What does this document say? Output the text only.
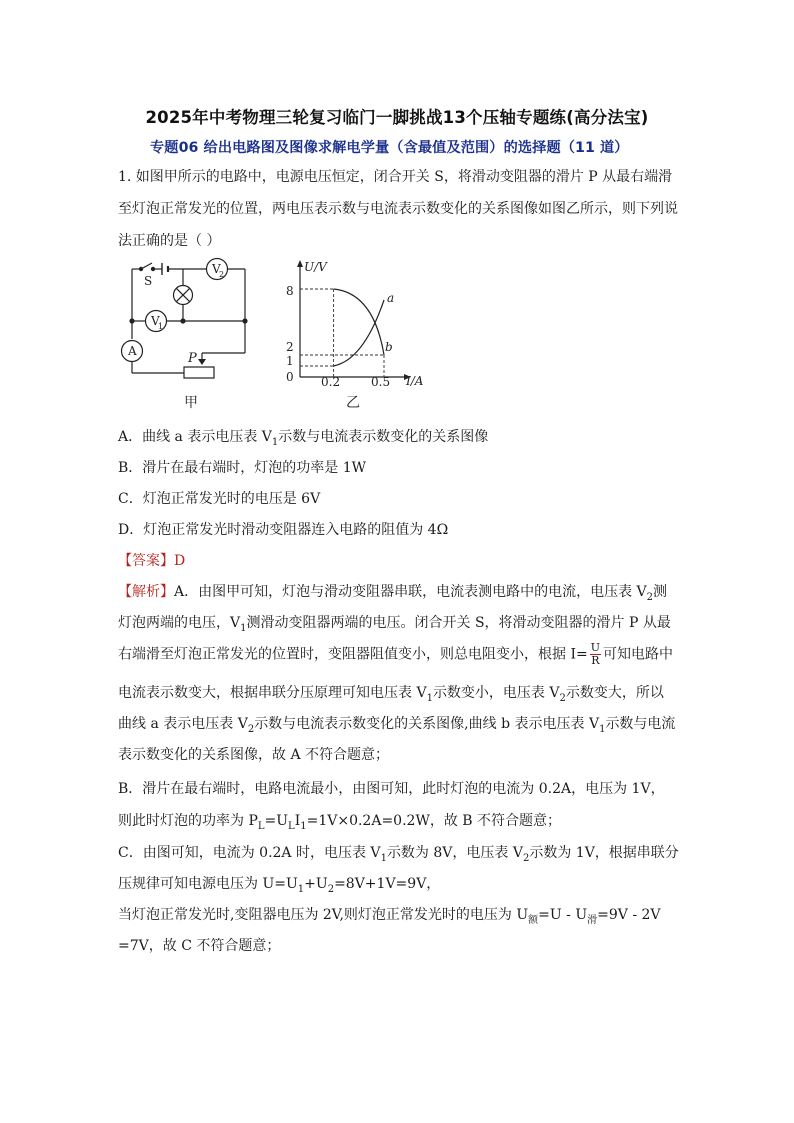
2025年中考物理三轮复习临门一脚挑战13个压轴专题练(高分法宝)
专题06 给出电路图及图像求解电学量（含最值及范围）的选择题（11 道）
1. 如图甲所示的电路中，电源电压恒定，闭合开关 S，将滑动变阻器的滑片 P 从最右端滑
至灯泡正常发光的位置，两电压表示数与电流表示数变化的关系图像如图乙所示，则下列说
法正确的是（ ）
S
V
2
V
1
A	P
甲
U/V
I/A
0
8
2
1
0.2	0.5
a
b
乙
A．曲线 a 表示电压表 $V_1$示数与电流表示数变化的关系图像
B．滑片在最右端时，灯泡的功率是 1W
C．灯泡正常发光时的电压是 6V
D．灯泡正常发光时滑动变阻器连入电路的阻值为 4Ω
【答案】D
【解析】A．由图甲可知，灯泡与滑动变阻器串联，电流表测电路中的电流，电压表 $V_2$测
灯泡两端的电压，$V_1$测滑动变阻器两端的电压。闭合开关 S，将滑动变阻器的滑片 P 从最
右端滑至灯泡正常发光的位置时，变阻器阻值变小，则总电阻变小，根据 $I= \frac{U}{R}$ 可知电路中
电流表示数变大，根据串联分压原理可知电压表 $V_1$示数变小，电压表 $V_2$示数变大，所以
曲线 a 表示电压表 $V_2$示数与电流表示数变化的关系图像,曲线 b 表示电压表 $V_1$示数与电流
表示数变化的关系图像，故 A 不符合题意；
B．滑片在最右端时，电路电流最小，由图可知，此时灯泡的电流为 0.2A，电压为 1V，
则此时灯泡的功率为 $P_L=U_LI_1=1V\times 0.2A=0.2W$，故 B 不符合题意；
C．由图可知，电流为 0.2A 时，电压表 $V_1$示数为 8V，电压表 $V_2$示数为 1V，根据串联分
压规律可知电源电压为 $U=U_1+U_2=8V+1V=9V$，
当灯泡正常发光时,变阻器电压为 2V,则灯泡正常发光时的电压为 $U_额=U - U_滑=9V - 2V$
=7V，故 C 不符合题意；
